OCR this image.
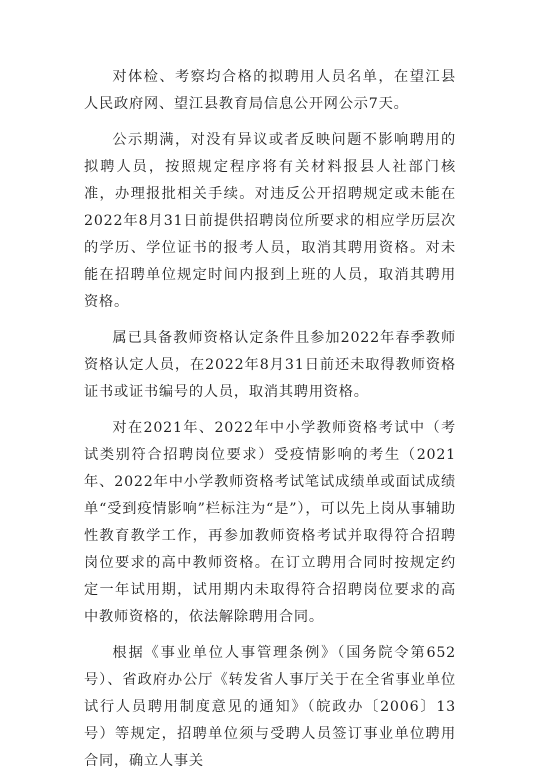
对体检、考察均合格的拟聘用人员名单，在望江县人民政府网、望江县教育局信息公开网公示7天。

公示期满，对没有异议或者反映问题不影响聘用的拟聘人员，按照规定程序将有关材料报县人社部门核准，办理报批相关手续。对违反公开招聘规定或未能在2022年8月31日前提供招聘岗位所要求的相应学历层次的学历、学位证书的报考人员，取消其聘用资格。对未能在招聘单位规定时间内报到上班的人员，取消其聘用资格。

属已具备教师资格认定条件且参加2022年春季教师资格认定人员，在2022年8月31日前还未取得教师资格证书或证书编号的人员，取消其聘用资格。

对在2021年、2022年中小学教师资格考试中（考试类别符合招聘岗位要求）受疫情影响的考生（2021年、2022年中小学教师资格考试笔试成绩单或面试成绩单“受到疫情影响”栏标注为“是”），可以先上岗从事辅助性教育教学工作，再参加教师资格考试并取得符合招聘岗位要求的高中教师资格。在订立聘用合同时按规定约定一年试用期，试用期内未取得符合招聘岗位要求的高中教师资格的，依法解除聘用合同。

根据《事业单位人事管理条例》（国务院令第652号）、省政府办公厅《转发省人事厅关于在全省事业单位试行人员聘用制度意见的通知》（皖政办〔2006〕13号）等规定，招聘单位须与受聘人员签订事业单位聘用合同，确立人事关
